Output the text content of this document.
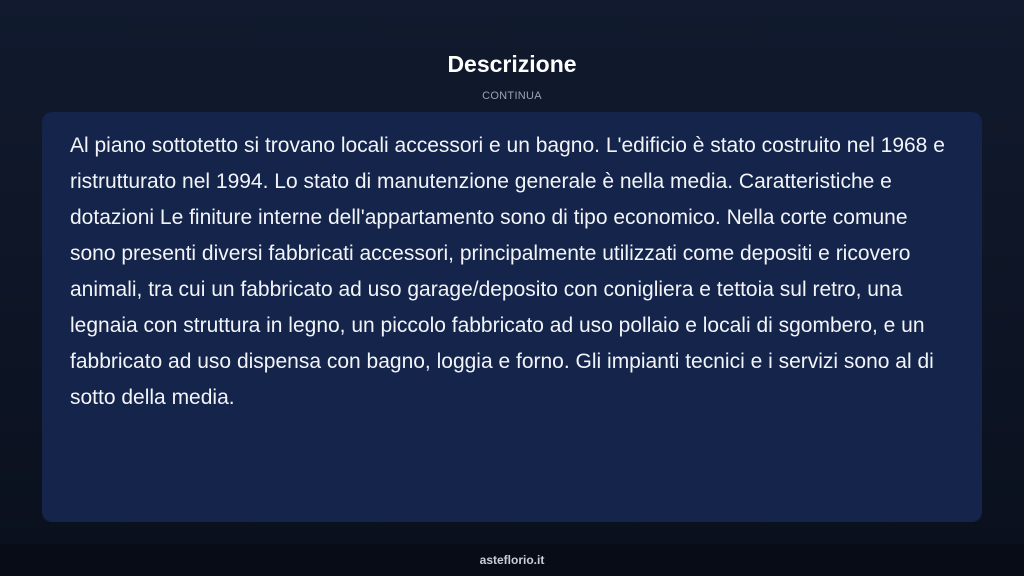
Descrizione
CONTINUA

Al piano sottotetto si trovano locali accessori e un bagno. L'edificio è stato costruito nel 1968 e ristrutturato nel 1994. Lo stato di manutenzione generale è nella media. Caratteristiche e dotazioni Le finiture interne dell'appartamento sono di tipo economico. Nella corte comune sono presenti diversi fabbricati accessori, principalmente utilizzati come depositi e ricovero animali, tra cui un fabbricato ad uso garage/deposito con conigliera e tettoia sul retro, una legnaia con struttura in legno, un piccolo fabbricato ad uso pollaio e locali di sgombero, e un fabbricato ad uso dispensa con bagno, loggia e forno. Gli impianti tecnici e i servizi sono al di sotto della media.

asteflorio.it
